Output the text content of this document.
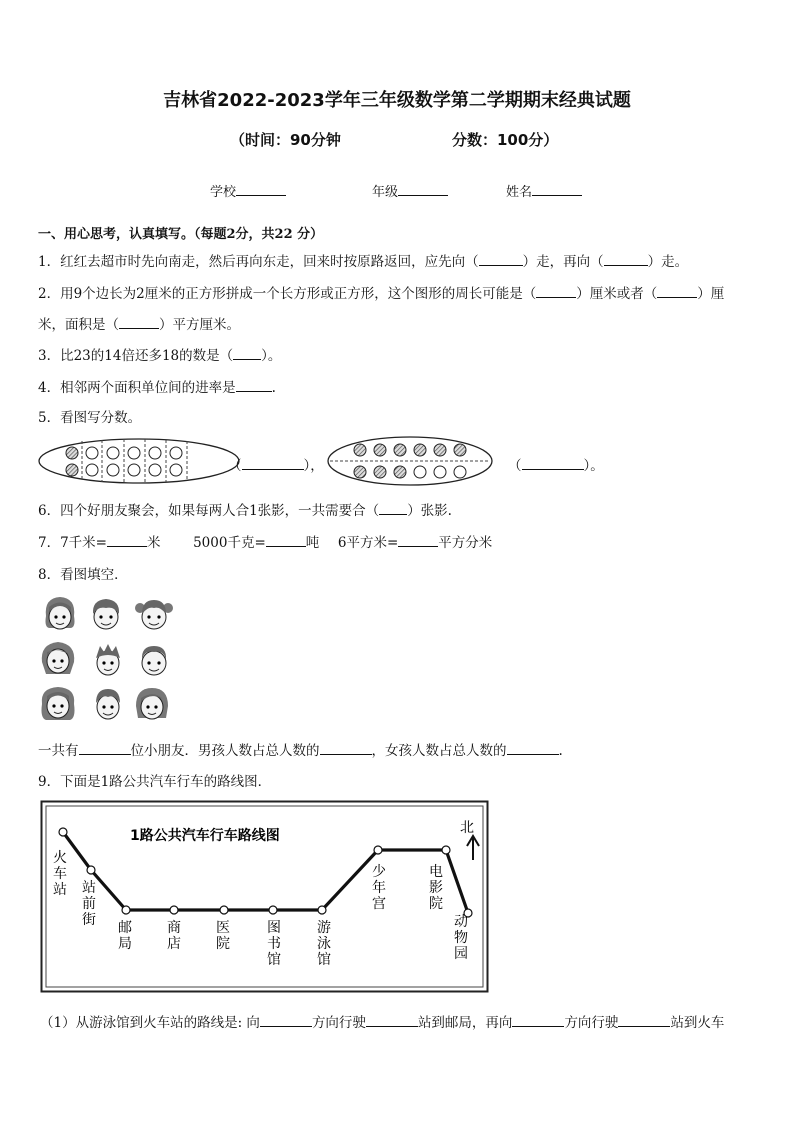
吉林省2022-2023学年三年级数学第二学期期末经典试题
（时间：90分钟	分数：100分）
学校	年级	姓名
一、用心思考，认真填写。（每题2分，共22 分）
1．红红去超市时先向南走，然后再向东走，回来时按原路返回，应先向（	）走，再向（	）走。
2．用9个边长为2厘米的正方形拼成一个长方形或正方形，这个图形的周长可能是（	）厘米或者（	）厘
米，面积是（	）平方厘米。
3．比23的14倍还多18的数是（ ）。
4．相邻两个面积单位间的进率是	.
5．看图写分数。
（	），	（	）。
6．四个好朋友聚会，如果每两人合1张影，一共需要合（ ）张影.
7．7千米=	米 5000千克=	吨 6平方米=	平方分米
8．看图填空．
一共有	位小朋友．男孩人数占总人数的	，女孩人数占总人数的	.
9．下面是1路公共汽车行车的路线图．
1路公共汽车行车路线图	北
火车站 站前街 邮局
商店
医院
图书馆
游泳馆
少年宫
电影院
动物园
（1）从游泳馆到火车站的路线是: 向	方向行驶	站到邮局，再向	方向行驶	站到火车
